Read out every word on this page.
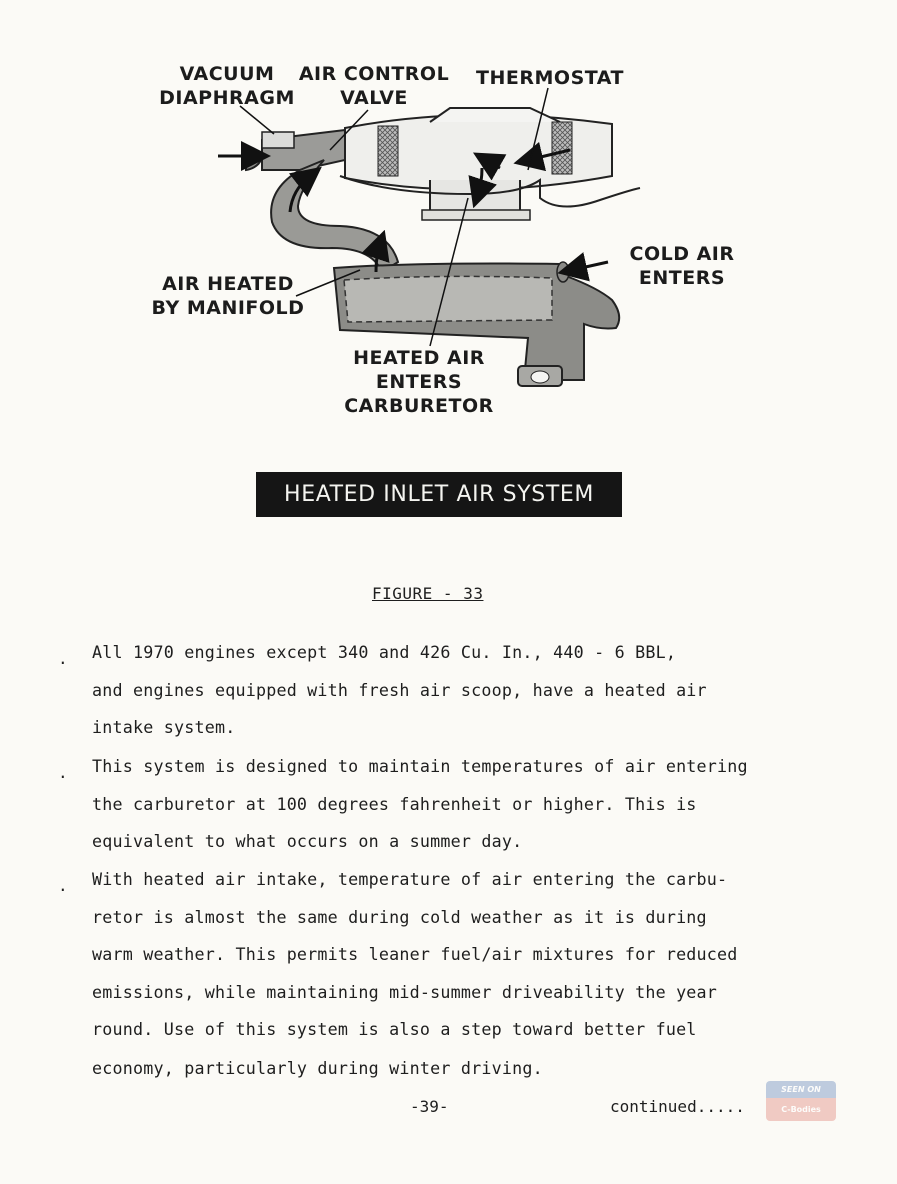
VACUUM
DIAPHRAGM
AIR CONTROL
VALVE
THERMOSTAT
COLD AIR
ENTERS
AIR HEATED
BY MANIFOLD
HEATED AIR
ENTERS
CARBURETOR
HEATED INLET AIR SYSTEM
FIGURE - 33
. All 1970 engines except 340 and 426 Cu. In., 440 - 6 BBL,
and engines equipped with fresh air scoop, have a heated air
intake system.
. This system is designed to maintain temperatures of air entering
the carburetor at 100 degrees fahrenheit or higher. This is
equivalent to what occurs on a summer day.
. With heated air intake, temperature of air entering the carbu-
retor is almost the same during cold weather as it is during
warm weather. This permits leaner fuel/air mixtures for reduced
emissions, while maintaining mid-summer driveability the year
round. Use of this system is also a step toward better fuel
economy, particularly during winter driving.
-39-	continued.....
SEEN ON
C-Bodies
